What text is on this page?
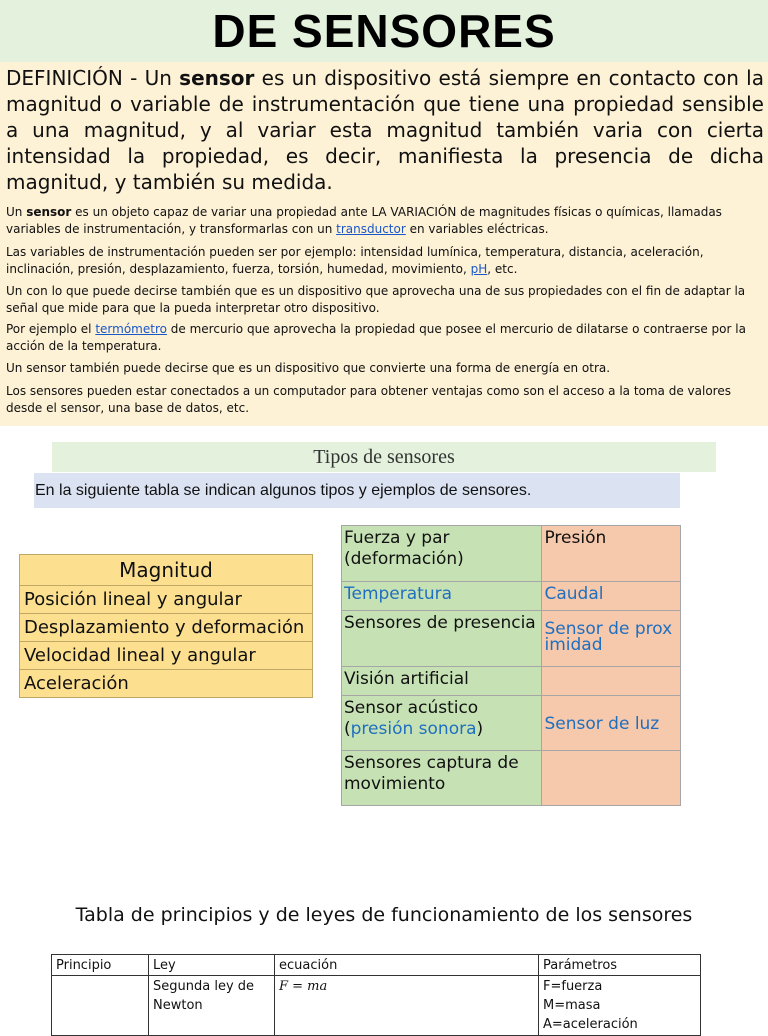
DE SENSORES

DEFINICIÓN - Un sensor es un dispositivo está siempre en contacto con la magnitud o variable de instrumentación que tiene una propiedad sensible a una magnitud, y al variar esta magnitud también varia con cierta intensidad la propiedad, es decir, manifiesta la presencia de dicha magnitud, y también su medida.

Un sensor es un objeto capaz de variar una propiedad ante LA VARIACIÓN de magnitudes físicas o químicas, llamadas variables de instrumentación, y transformarlas con un transductor en variables eléctricas.

Las variables de instrumentación pueden ser por ejemplo: intensidad lumínica, temperatura, distancia, aceleración, inclinación, presión, desplazamiento, fuerza, torsión, humedad, movimiento, pH, etc.

Un con lo que puede decirse también que es un dispositivo que aprovecha una de sus propiedades con el fin de adaptar la señal que mide para que la pueda interpretar otro dispositivo.

Por ejemplo el termómetro de mercurio que aprovecha la propiedad que posee el mercurio de dilatarse o contraerse por la acción de la temperatura.

Un sensor también puede decirse que es un dispositivo que convierte una forma de energía en otra.

Los sensores pueden estar conectados a un computador para obtener ventajas como son el acceso a la toma de valores desde el sensor, una base de datos, etc.

Tipos de sensores
En la siguiente tabla se indican algunos tipos y ejemplos de sensores.
Magnitud
Posición lineal y angular
Desplazamiento y deformación
Velocidad lineal y angular
Aceleración
Fuerza y par (deformación)	Presión
Temperatura	Caudal
Sensores de presencia	Sensor de prox imidad
Visión artificial	
Sensor acústico (presión sonora)	Sensor de luz
Sensores captura de movimiento	
Tabla de principios y de leyes de funcionamiento de los sensores
Principio	Ley	ecuación	Parámetros
	Segunda ley de Newton	F = ma	F=fuerza
M=masa
A=aceleración
